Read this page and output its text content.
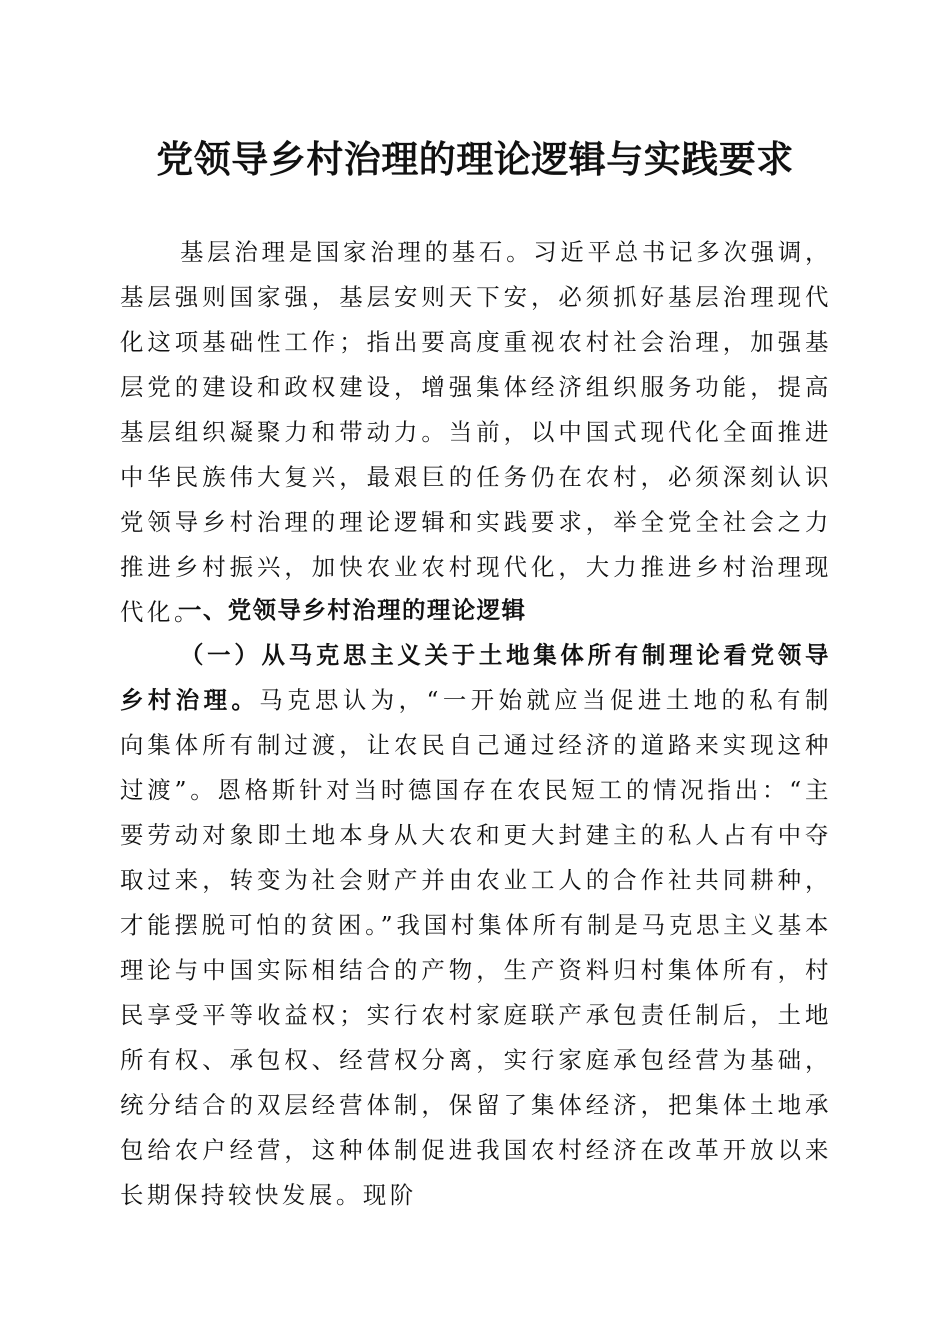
党领导乡村治理的理论逻辑与实践要求

基层治理是国家治理的基石。习近平总书记多次强调，基层强则国家强，基层安则天下安，必须抓好基层治理现代化这项基础性工作；指出要高度重视农村社会治理，加强基层党的建设和政权建设，增强集体经济组织服务功能，提高基层组织凝聚力和带动力。当前，以中国式现代化全面推进中华民族伟大复兴，最艰巨的任务仍在农村，必须深刻认识党领导乡村治理的理论逻辑和实践要求，举全党全社会之力推进乡村振兴，加快农业农村现代化，大力推进乡村治理现代化。

一、党领导乡村治理的理论逻辑

（一）从马克思主义关于土地集体所有制理论看党领导乡村治理。马克思认为，“一开始就应当促进土地的私有制向集体所有制过渡，让农民自己通过经济的道路来实现这种过渡”。恩格斯针对当时德国存在农民短工的情况指出：“主要劳动对象即土地本身从大农和更大封建主的私人占有中夺取过来，转变为社会财产并由农业工人的合作社共同耕种，才能摆脱可怕的贫困。”我国村集体所有制是马克思主义基本理论与中国实际相结合的产物，生产资料归村集体所有，村民享受平等收益权；实行农村家庭联产承包责任制后，土地所有权、承包权、经营权分离，实行家庭承包经营为基础，统分结合的双层经营体制，保留了集体经济，把集体土地承包给农户经营，这种体制促进我国农村经济在改革开放以来长期保持较快发展。现阶
